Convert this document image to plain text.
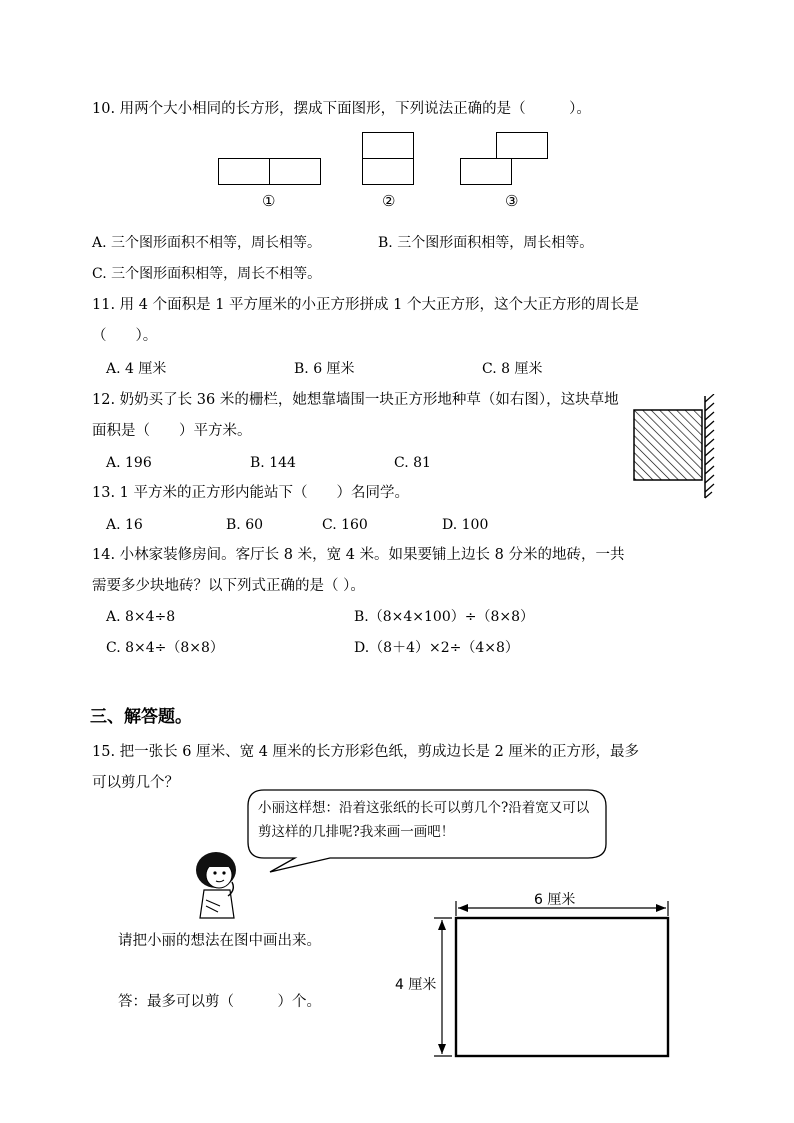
10. 用两个大小相同的长方形，摆成下面图形，下列说法正确的是（　　　）。
①	②	③
A. 三个图形面积不相等，周长相等。	B. 三个图形面积相等，周长相等。
C. 三个图形面积相等，周长不相等。
11. 用 4 个面积是 1 平方厘米的小正方形拼成 1 个大正方形，这个大正方形的周长是
（　　）。
A. 4 厘米	B. 6 厘米	C. 8 厘米
12. 奶奶买了长 36 米的栅栏，她想靠墙围一块正方形地种草（如右图），这块草地
面积是（　　）平方米。
A. 196	B. 144	C. 81
13. 1 平方米的正方形内能站下（　　）名同学。
A. 16	B. 60	C. 160	D. 100
14. 小林家装修房间。客厅长 8 米，宽 4 米。如果要铺上边长 8 分米的地砖，一共
需要多少块地砖？以下列式正确的是（ ）。
A. 8×4÷8	B.（8×4×100）÷（8×8）
C. 8×4÷（8×8）	D.（8＋4）×2÷（4×8）
三、解答题。
15. 把一张长 6 厘米、宽 4 厘米的长方形彩色纸，剪成边长是 2 厘米的正方形，最多
可以剪几个？
小丽这样想：沿着这张纸的长可以剪几个?沿着宽又可以剪这样的几排呢?我来画一画吧！
请把小丽的想法在图中画出来。
答：最多可以剪（　　　）个。
6 厘米
4 厘米
